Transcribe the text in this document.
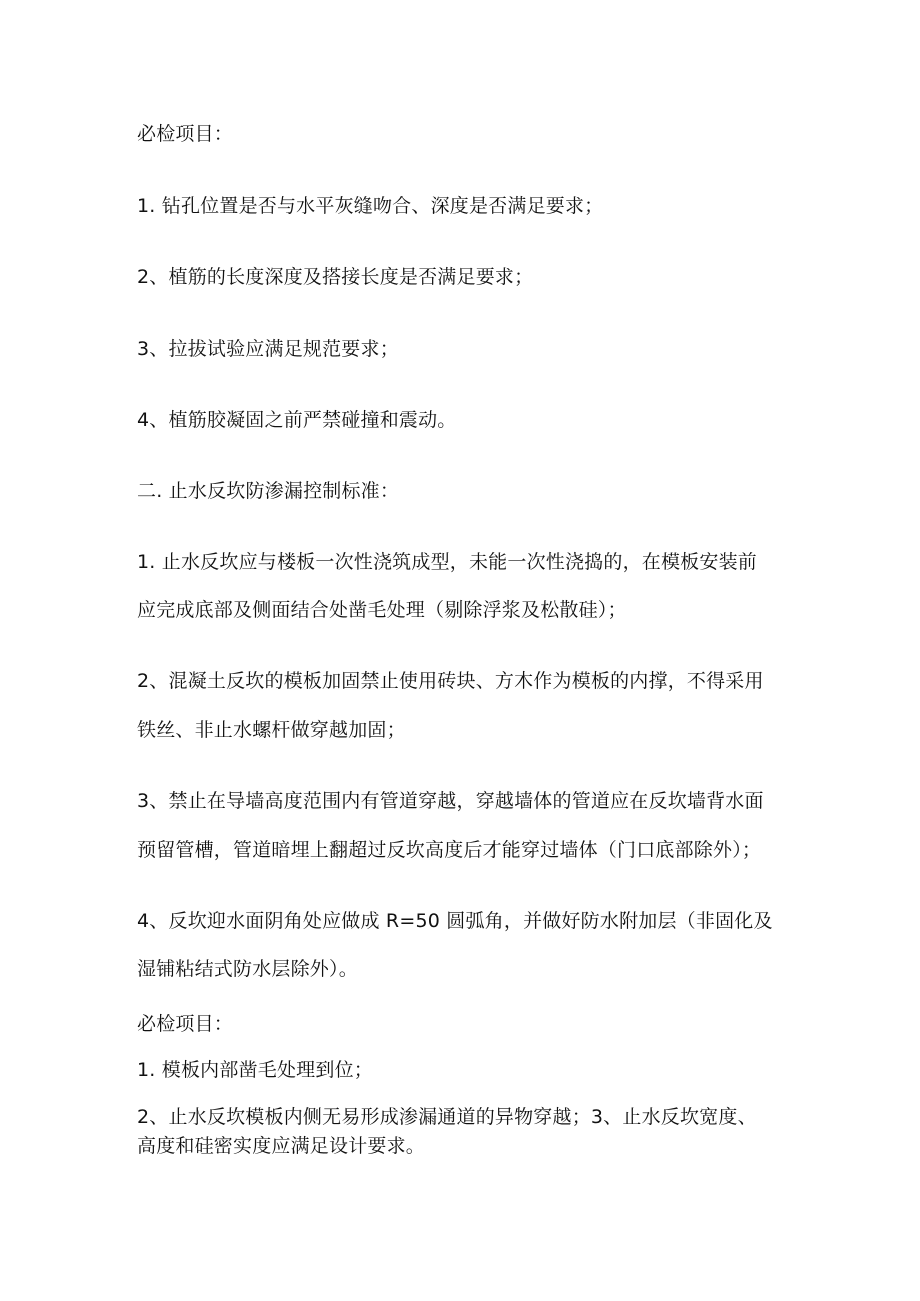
必检项目：
1. 钻孔位置是否与水平灰缝吻合、深度是否满足要求；
2、植筋的长度深度及搭接长度是否满足要求；
3、拉拔试验应满足规范要求；
4、植筋胶凝固之前严禁碰撞和震动。
二. 止水反坎防渗漏控制标准：
1. 止水反坎应与楼板一次性浇筑成型，未能一次性浇捣的，在模板安装前
应完成底部及侧面结合处凿毛处理（剔除浮浆及松散硅）；
2、混凝土反坎的模板加固禁止使用砖块、方木作为模板的内撑，不得采用
铁丝、非止水螺杆做穿越加固；
3、禁止在导墙高度范围内有管道穿越，穿越墙体的管道应在反坎墙背水面
预留管槽，管道暗埋上翻超过反坎高度后才能穿过墙体（门口底部除外）；
4、反坎迎水面阴角处应做成 R=50 圆弧角，并做好防水附加层（非固化及
湿铺粘结式防水层除外）。
必检项目：
1. 模板内部凿毛处理到位；
2、止水反坎模板内侧无易形成渗漏通道的异物穿越；3、止水反坎宽度、
高度和硅密实度应满足设计要求。
